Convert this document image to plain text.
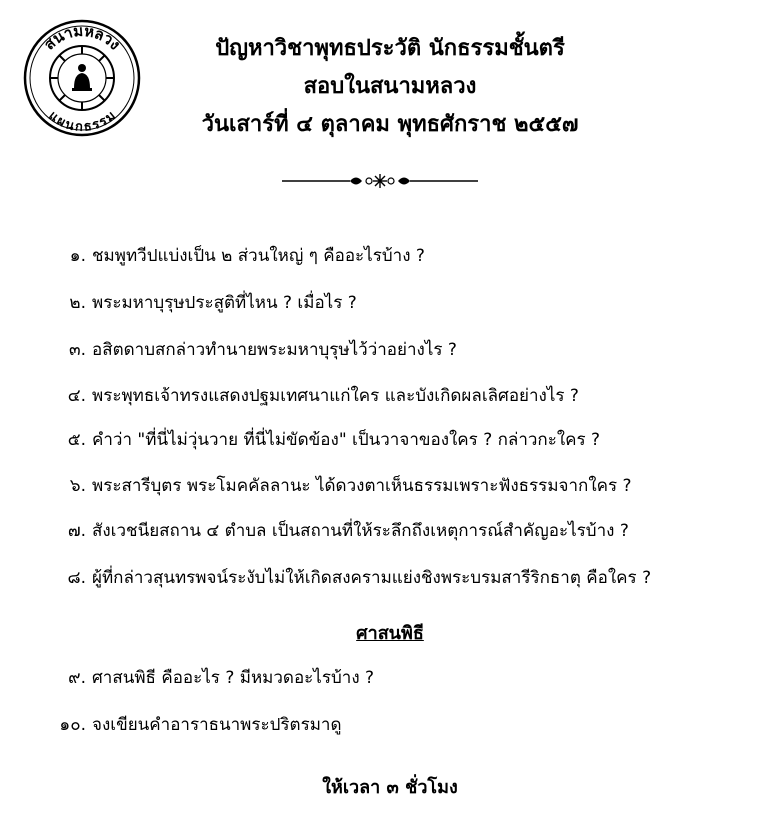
สนามหลวง
แผนกธรรม
ปัญหาวิชาพุทธประวัติ นักธรรมชั้นตรี
สอบในสนามหลวง
วันเสาร์ที่ ๔ ตุลาคม พุทธศักราช ๒๕๕๗
๑. ชมพูทวีปแบ่งเป็น ๒ ส่วนใหญ่ ๆ คืออะไรบ้าง ?
๒. พระมหาบุรุษประสูติที่ไหน ? เมื่อไร ?
๓. อสิตดาบสกล่าวทำนายพระมหาบุรุษไว้ว่าอย่างไร ?
๔. พระพุทธเจ้าทรงแสดงปฐมเทศนาแก่ใคร และบังเกิดผลเลิศอย่างไร ?
๕. คำว่า "ที่นี่ไม่วุ่นวาย ที่นี่ไม่ขัดข้อง" เป็นวาจาของใคร ? กล่าวกะใคร ?
๖. พระสารีบุตร พระโมคคัลลานะ ได้ดวงตาเห็นธรรมเพราะฟังธรรมจากใคร ?
๗. สังเวชนียสถาน ๔ ตำบล เป็นสถานที่ให้ระลึกถึงเหตุการณ์สำคัญอะไรบ้าง ?
๘. ผู้ที่กล่าวสุนทรพจน์ระงับไม่ให้เกิดสงครามแย่งชิงพระบรมสารีริกธาตุ คือใคร ?
ศาสนพิธี
๙. ศาสนพิธี คืออะไร ? มีหมวดอะไรบ้าง ?
๑๐. จงเขียนคำอาราธนาพระปริตรมาดู
ให้เวลา ๓ ชั่วโมง
